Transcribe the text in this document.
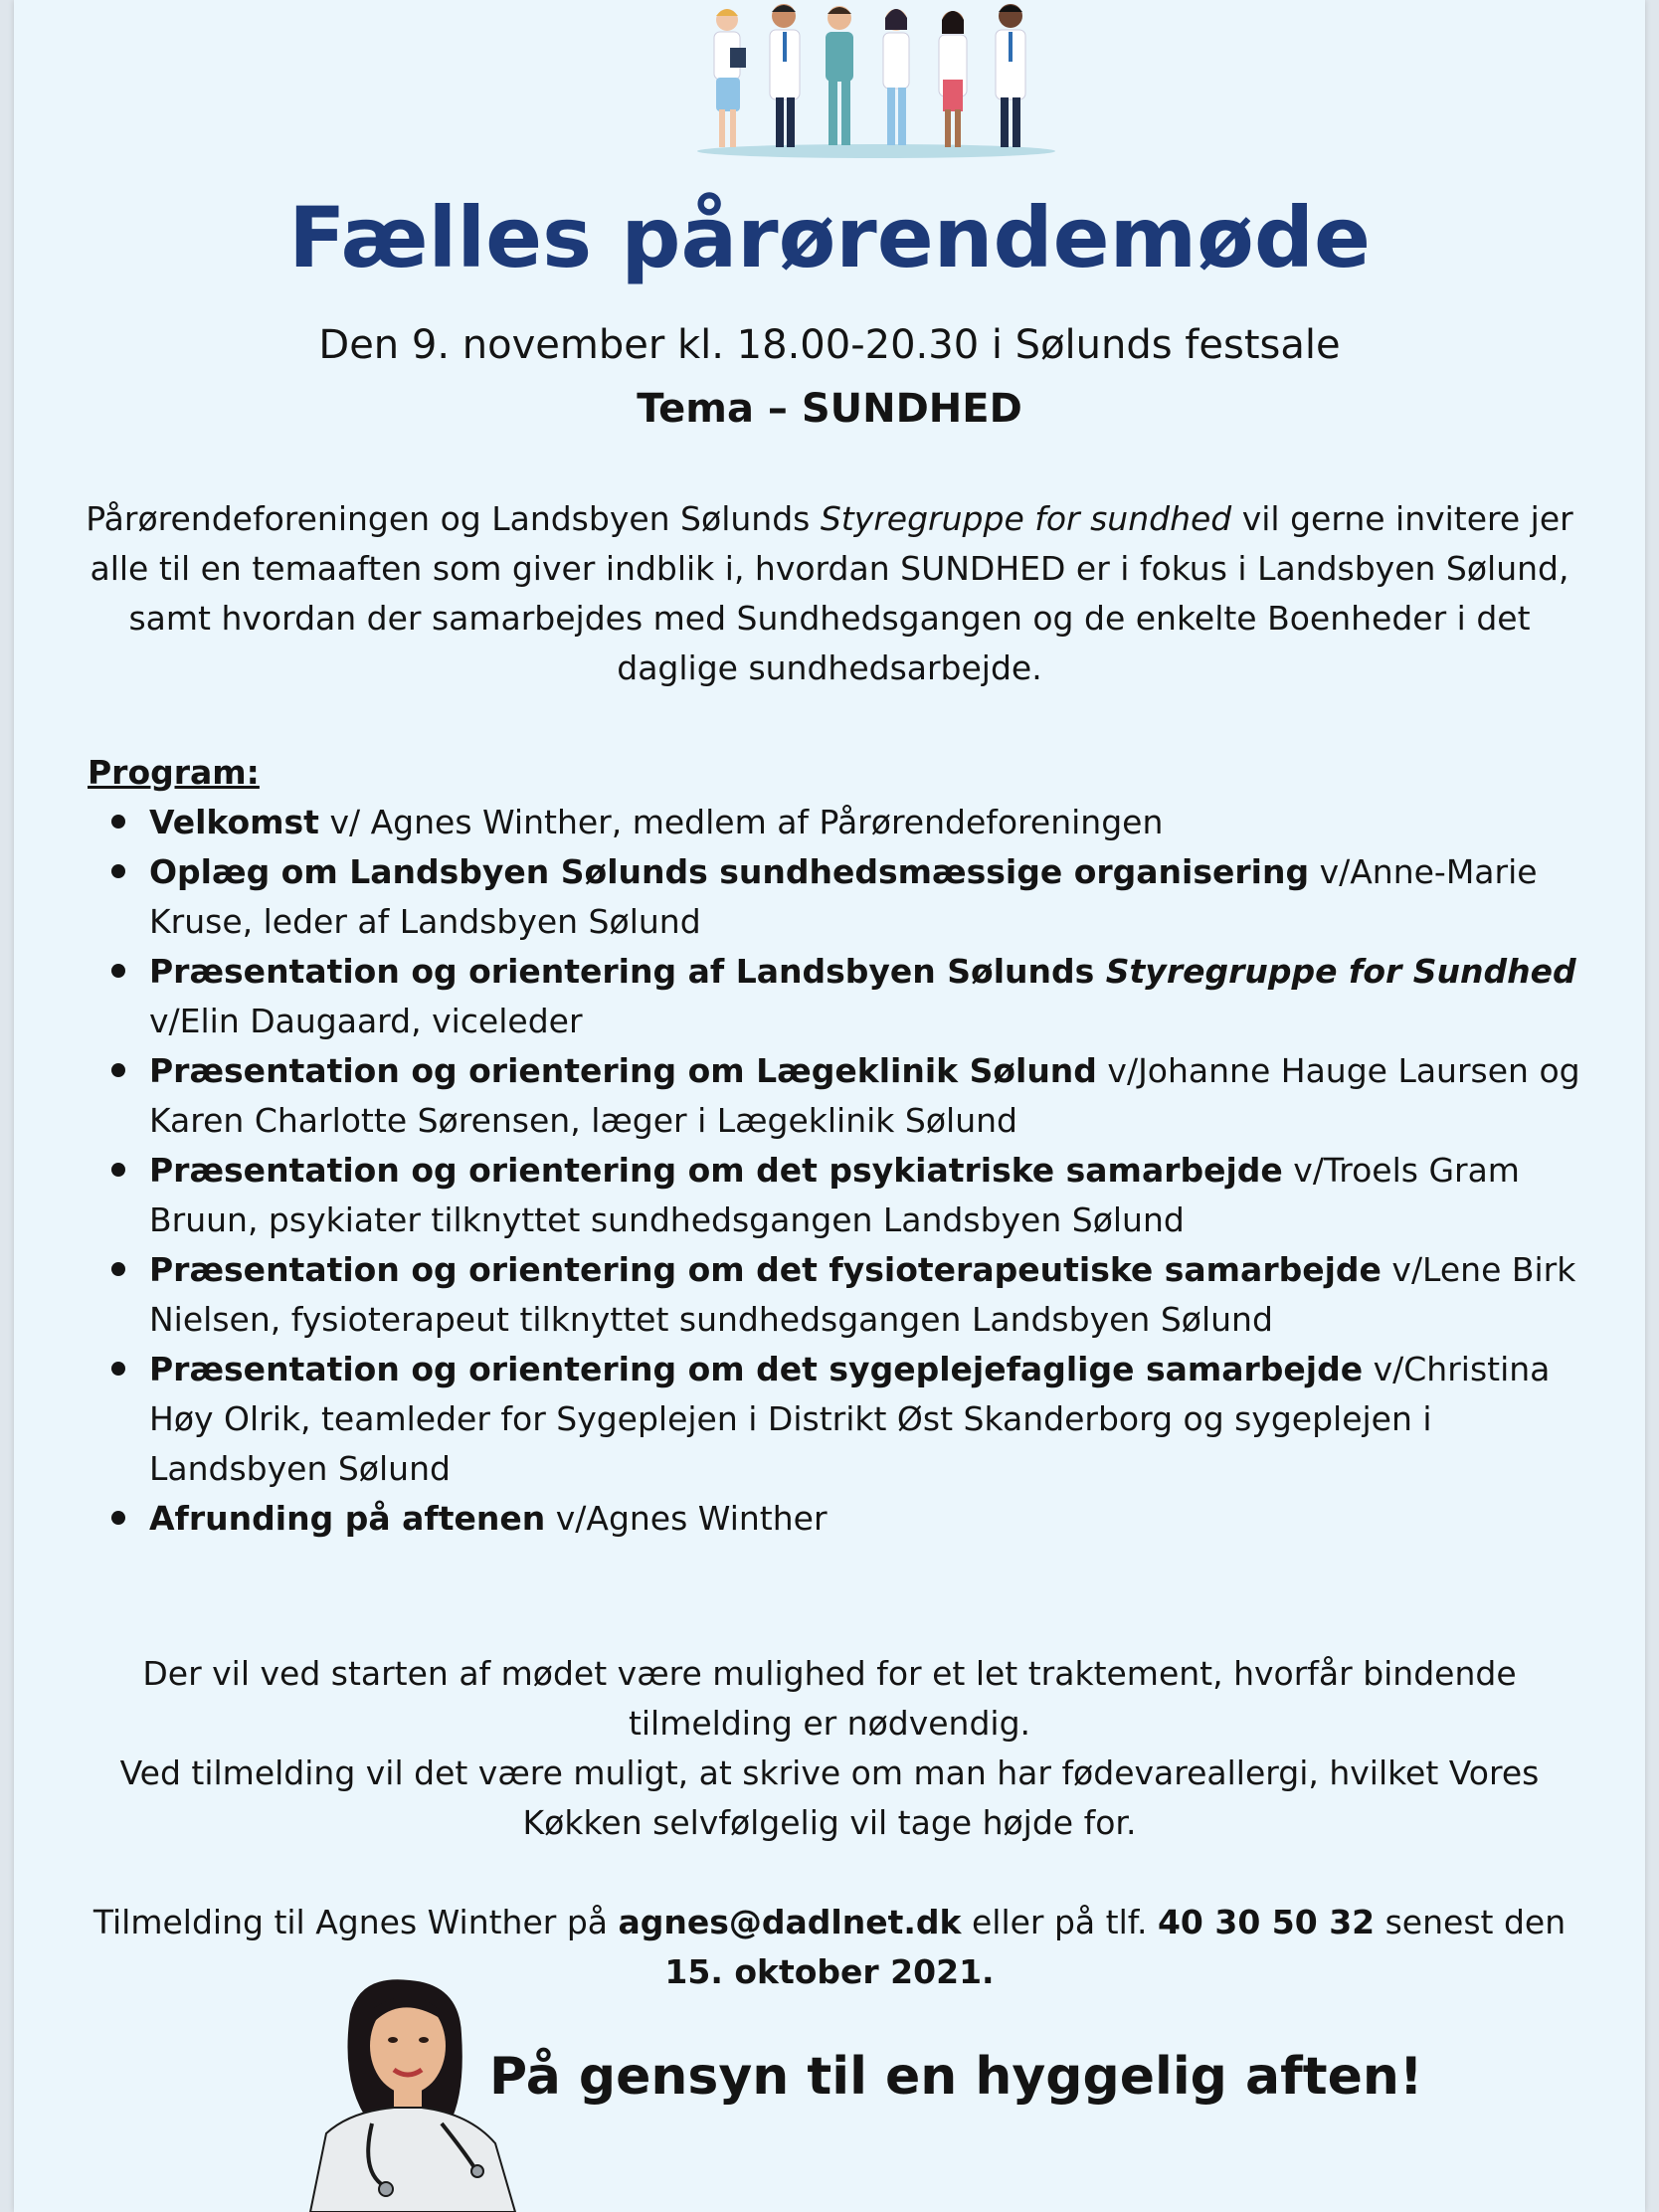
Fælles pårørendemøde
Den 9. november kl. 18.00-20.30 i Sølunds festsale
Tema – SUNDHED
Pårørendeforeningen og Landsbyen Sølunds Styregruppe for sundhed vil gerne invitere jer alle til en temaaften som giver indblik i, hvordan SUNDHED er i fokus i Landsbyen Sølund, samt hvordan der samarbejdes med Sundhedsgangen og de enkelte Boenheder i det daglige sundhedsarbejde.
Program:
Velkomst v/ Agnes Winther, medlem af Pårørendeforeningen
Oplæg om Landsbyen Sølunds sundhedsmæssige organisering v/Anne-Marie Kruse, leder af Landsbyen Sølund
Præsentation og orientering af Landsbyen Sølunds Styregruppe for Sundhed v/Elin Daugaard, viceleder
Præsentation og orientering om Lægeklinik Sølund v/Johanne Hauge Laursen og Karen Charlotte Sørensen, læger i Lægeklinik Sølund
Præsentation og orientering om det psykiatriske samarbejde v/Troels Gram Bruun, psykiater tilknyttet sundhedsgangen Landsbyen Sølund
Præsentation og orientering om det fysioterapeutiske samarbejde v/Lene Birk Nielsen, fysioterapeut tilknyttet sundhedsgangen Landsbyen Sølund
Præsentation og orientering om det sygeplejefaglige samarbejde v/Christina Høy Olrik, teamleder for Sygeplejen i Distrikt Øst Skanderborg og sygeplejen i Landsbyen Sølund
Afrunding på aftenen v/Agnes Winther
Der vil ved starten af mødet være mulighed for et let traktement, hvorfår bindende tilmelding er nødvendig.
Ved tilmelding vil det være muligt, at skrive om man har fødevareallergi, hvilket Vores Køkken selvfølgelig vil tage højde for.
Tilmelding til Agnes Winther på agnes@dadlnet.dk eller på tlf. 40 30 50 32 senest den
15. oktober 2021.
På gensyn til en hyggelig aften!
